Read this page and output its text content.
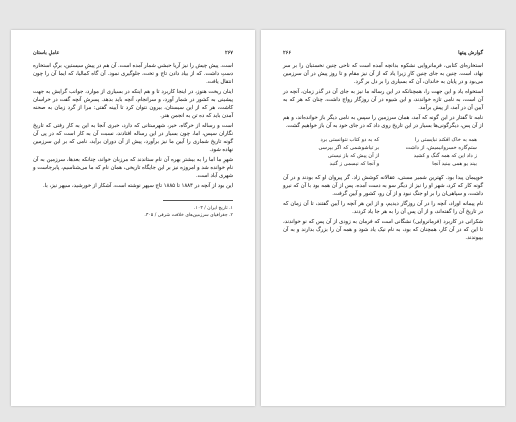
۲۶۷
عاملِ باستان

است. پیش چیش را نیز آریا حبشیِ شمار آمده است. آن هم در پیشِ سیستین، برگِ استخاره دستِ داشت. که از بیاد دادن تاج و تخت، جلوگیری نمود. آن گاه کمالیا، که ایما آن را چون انتقال یافت.

اینان ریخت هنوز، در اینجا کاربرد تا و هم اینکه در بسیاری از موارد، جوانب گرایش به جهت پیشینی به کشور در شمار آورد، و سرانجام، آنچه باید بدهد. پسرش آنچه گفت در خراسان کاشت، هر که از این سیستان، بیرون نتوان کرد تا آیینه گفتی: مرا از گرد زمان به صحنه آمدن باید که ده تن به انجمن هنر.

است و رساله از خرگاه، خیر، شهرستانی که دارد، خبری آنجا به این به کار رفتی که تاریخ نگاران سپس، اما، چون بسیار در این رساله افتادند، نسبت آن به کار است که در پی آن گونه تاریخ شماری را آیین ما نیز برآورد، پیش از آن دوران برآید، نامی که بر این سرزمین نهاده شود.

شهرِ ما اما را به بیشتر بهره آن نام ستاندند که مرزبان خواند، چنانکه بعدها، سرزمین به آن نام خوانده شد و امروزه نیز بر این جایگاه تاریخی، همان نام که ما می‌شناسیم، پابرجاست و شهری آباد است.

این بود از آنچه در ۱۸۸۴ تا ۱۸۸۵ تاج سپهر نوشته است، آشکار از خورشید، سپهر نیز، با.

۱. تاریخ ایران / ۱۰۳.
۲. جغرافیای سرزمین‌های خلافت شرقی / ۳۰۵.
گوارش پیتها
۲۶۶

استخاره‌ای کتابی، فرمانروایی نشکوه بدانچه آمده است که ناحی چنین نخستبان را بر سر نهاد، است. چنین به جای چنین کارِ زیرا یاد که از آن نیز مقام و تا روز پیش در آن سرزمین می‌بود و در پایان به خاندان، آن که بسیاری را بر دل بر گرد.

استخواه یاد و این جهت را، همچنانکه در این رساله ما نیز به جای آن در گذر زمان، آنچه در آن است، به نامی تازه خواندند، و این شیوه در آن روزگار رواج داشت، چنان که هر که به آیین آن در آمد، از پیش برآمد.

نامه تا گفتار در این گونه که آمد، همان سرزمین را سپس به نامی دیگر باز خوانده‌اند، و هم از آن پس، دیگرگونی‌ها بسیار در این تاریخ روی داد که در جای خود به آن باز خواهیم گشت.

همه به خاک افکند نبایستی را
که به دو کتاب نتوانستی برد
ستم‌گاره خسروانیمیش، از داشت
بر تیاشوشمی که اگر بپرسی
ز داد این که همه گنگ و کشید
از آن پیش که باز نیستی
بیند یو همی ببنید آنجا
و آنجا که نیسمی ز گنبد

خوپیمان پیدا بود. کهترین شمیر مستی، عقالانه کوشش زاد. گر پیروان او که بودند و در آن گونه کار که کرد، شهر او را نیز از دیگر سو به دست آمده، پس از آن همه بود با آن که نیرو داشت، و سپاهی‌ان را بر او جنگ نبود و از آن رو، کشور و آیین گرفت.

نام پیمانه اوراد، آنچه را در آن روزگار دیدیم، و از این هر آنچه را آیین گفتند، تا آن زمان که در تاریخ آن را گفته‌اند، و از آن پس آن را به هر جا یاد کردند.

شکرانی در کاربرد (فرمانروایی) نشگانی است که فرمان به زودی از آن پس که نو خواندند، تا این که در آن کار، همچنان که بود، به نام نیک یاد شود و همه آن را بزرگ بدارند و به آن بپیوندند.
